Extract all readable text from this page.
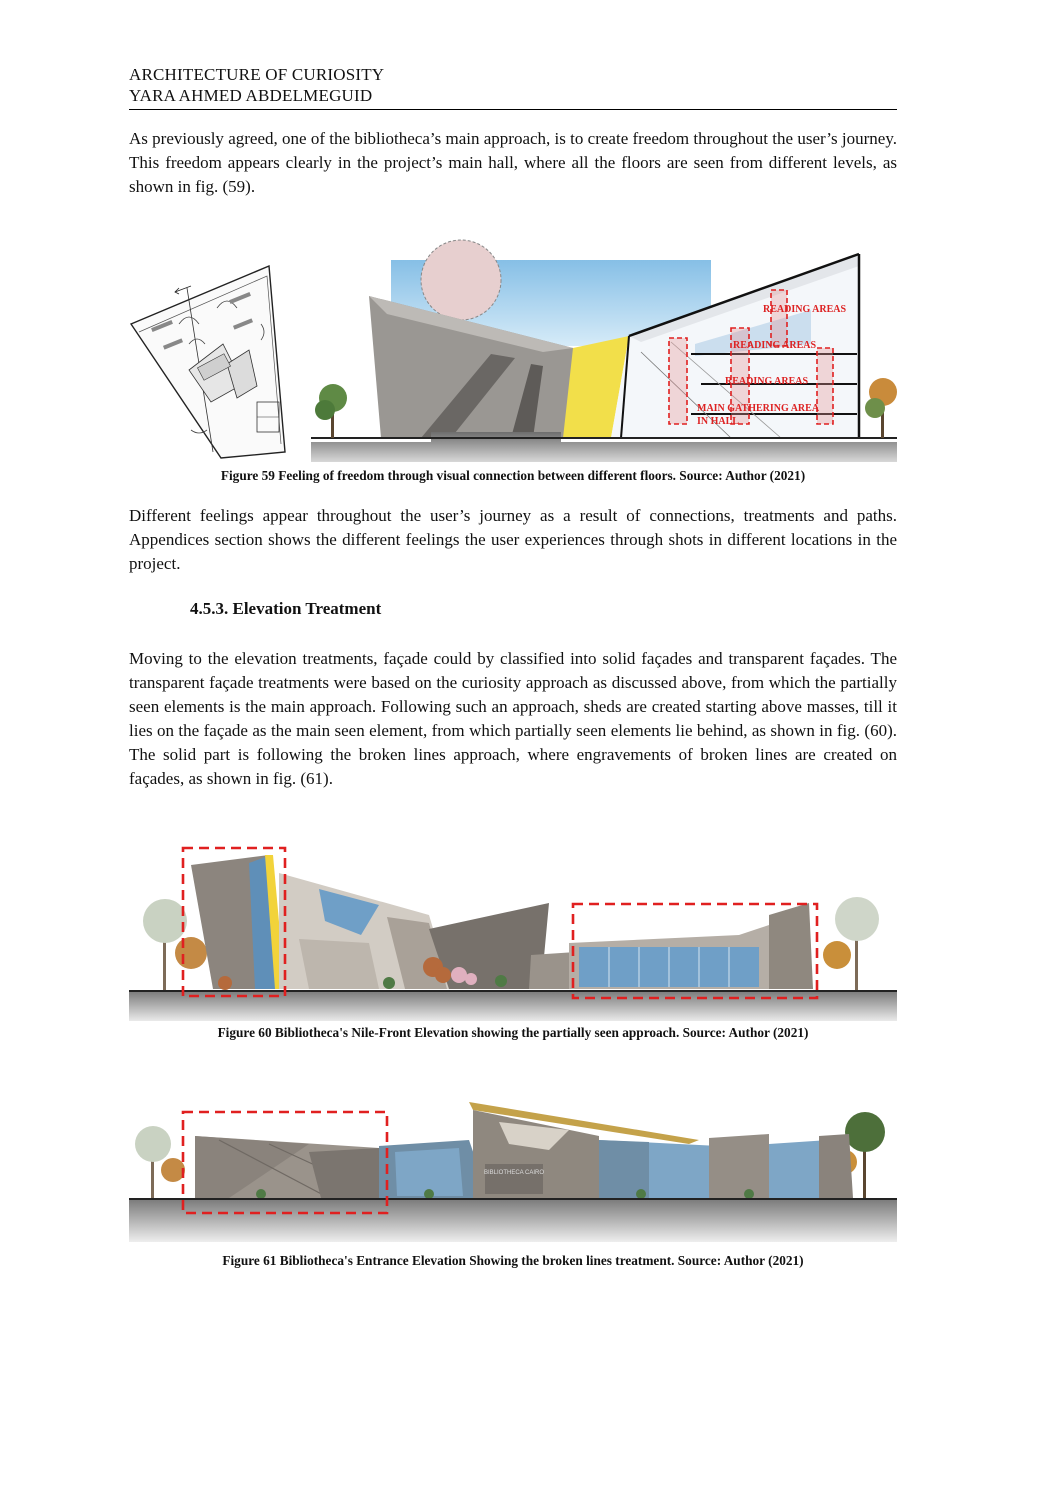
ARCHITECTURE OF CURIOSITY
YARA AHMED ABDELMEGUID
As previously agreed, one of the bibliotheca’s main approach, is to create freedom throughout the user’s journey. This freedom appears clearly in the project’s main hall, where all the floors are seen from different levels, as shown in fig. (59).
READING AREAS
READING AREAS
READING AREAS
MAIN GATHERING AREA
IN HALL
Figure 59 Feeling of freedom through visual connection between different floors. Source: Author (2021)
Different feelings appear throughout the user’s journey as a result of connections, treatments and paths. Appendices section shows the different feelings the user experiences through shots in different locations in the project.
4.5.3. Elevation Treatment
Moving to the elevation treatments, façade could by classified into solid façades and transparent façades. The transparent façade treatments were based on the curiosity approach as discussed above, from which the partially seen elements is the main approach. Following such an approach, sheds are created starting above masses, till it lies on the façade as the main seen element, from which partially seen elements lie behind, as shown in fig. (60). The solid part is following the broken lines approach, where engravements of broken lines are created on façades, as shown in fig. (61).
Figure 60 Bibliotheca's Nile-Front Elevation showing the partially seen approach. Source: Author (2021)
BIBLIOTHECA CAIRO
Figure 61 Bibliotheca's Entrance Elevation Showing the broken lines treatment. Source: Author (2021)
